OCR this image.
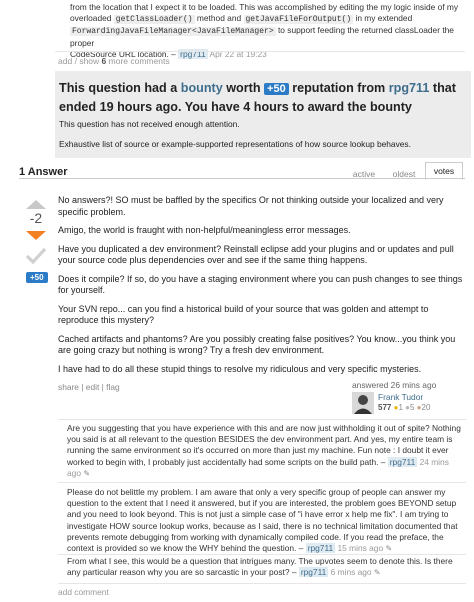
from the location that I expect it to be loaded. This was accomplished by editing the my logic inside of my
overloaded getClassLoader() method and getJavaFileForOutput() in my extended
ForwardingJavaFileManager<JavaFileManager> to support feeding the returned classLoader the proper
CodeSource URL location. – rpg711 Apr 22 at 19:23
add / show 6 more comments
This question had a bounty worth +50 reputation from rpg711 that
ended 19 hours ago. You have 4 hours to award the bounty
This question has not received enough attention.
Exhaustive list of source or example-supported representations of how source lookup behaves.
1 Answer	active	oldest	votes
-2
+50
No answers?! SO must be baffled by the specifics Or not thinking outside your localized and very specific problem.
Amigo, the world is fraught with non-helpful/meaningless error messages.
Have you duplicated a dev environment? Reinstall eclipse add your plugins and or updates and pull your source code plus dependencies over and see if the same thing happens.
Does it compile? If so, do you have a staging environment where you can push changes to see things for yourself.
Your SVN repo... can you find a historical build of your source that was golden and attempt to reproduce this mystery?
Cached artifacts and phantoms? Are you possibly creating false positives? You know...you think you are going crazy but nothing is wrong? Try a fresh dev environment.
I have had to do all these stupid things to resolve my ridiculous and very specific mysteries.
share | edit | flag	answered 26 mins ago
Frank Tudor
577 ●1 ●5 ●20
Are you suggesting that you have experience with this and are now just withholding it out of spite? Nothing you said is at all relevant to the question BESIDES the dev environment part. And yes, my entire team is running the same environment so it's occurred on more than just my machine. Fun note : I doubt it ever worked to begin with, I probably just accidentally had some scripts on the build path. – rpg711 24 mins ago ✎
Please do not belittle my problem. I am aware that only a very specific group of people can answer my question to the extent that I need it answered, but if you are interested, the problem goes BEYOND setup and you need to look beyond. This is not just a simple case of "i have error x help me fix". I am trying to investigate HOW source lookup works, because as I said, there is no technical limitation documented that prevents remote debugging from working with dynamically compiled code. If you read the preface, the context is provided so we know the WHY behind the question. – rpg711 15 mins ago ✎
From what I see, this would be a question that intrigues many. The upvotes seem to denote this. Is there any particular reason why you are so sarcastic in your post? – rpg711 6 mins ago ✎
add comment
